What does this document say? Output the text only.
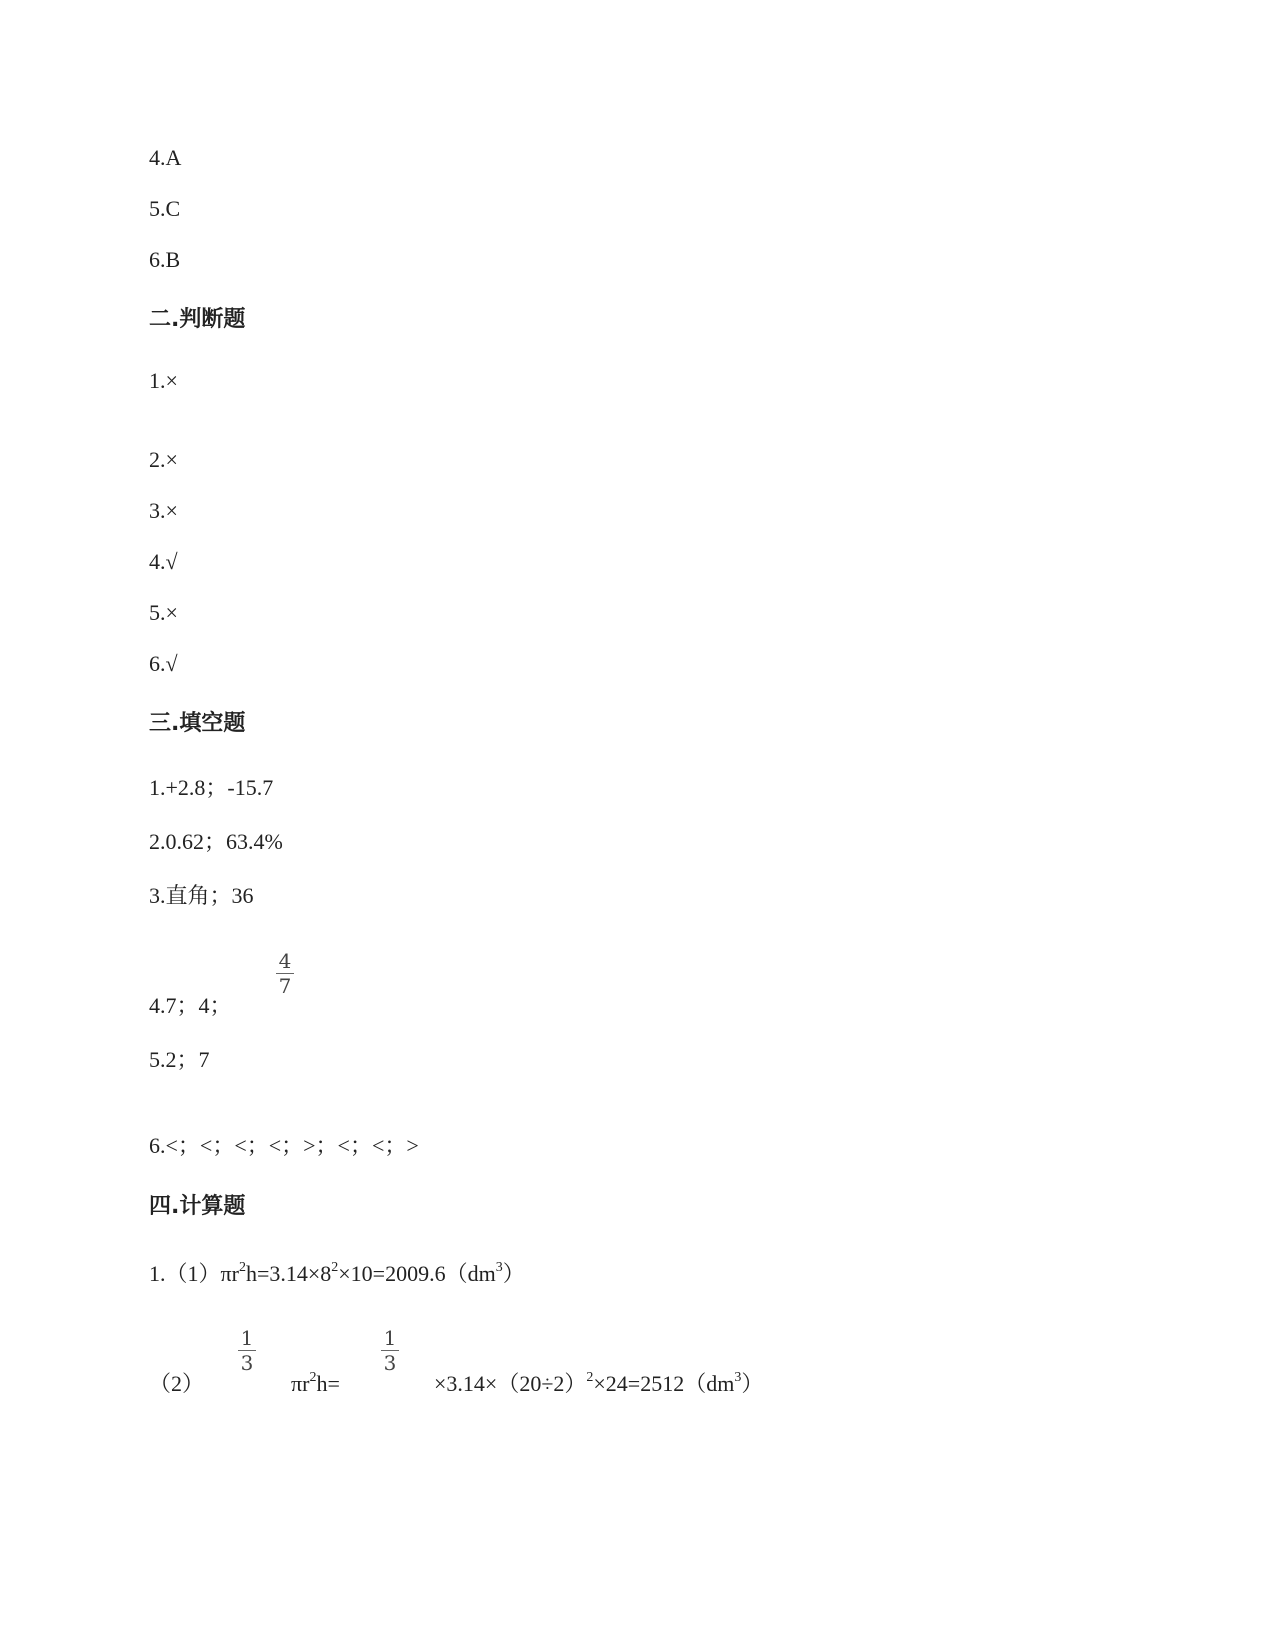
4.A
5.C
6.B
二.判断题
1.×
2.×
3.×
4.√
5.×
6.√
三.填空题
1.+2.8；-15.7
2.0.62；63.4%
3.直角；36
4.7；4；
4
7
5.2；7
6.<；<；<；<；>；<；<；>
四.计算题
$1.(1)\pi r^2h=3.14\times 8^2\times 10=2009.6(dm^3)$
（2）
1
3
$\pi r^2h=$
1
3
$\times 3.14\times(20\div 2)^2\times 24=2512(dm^3)$
